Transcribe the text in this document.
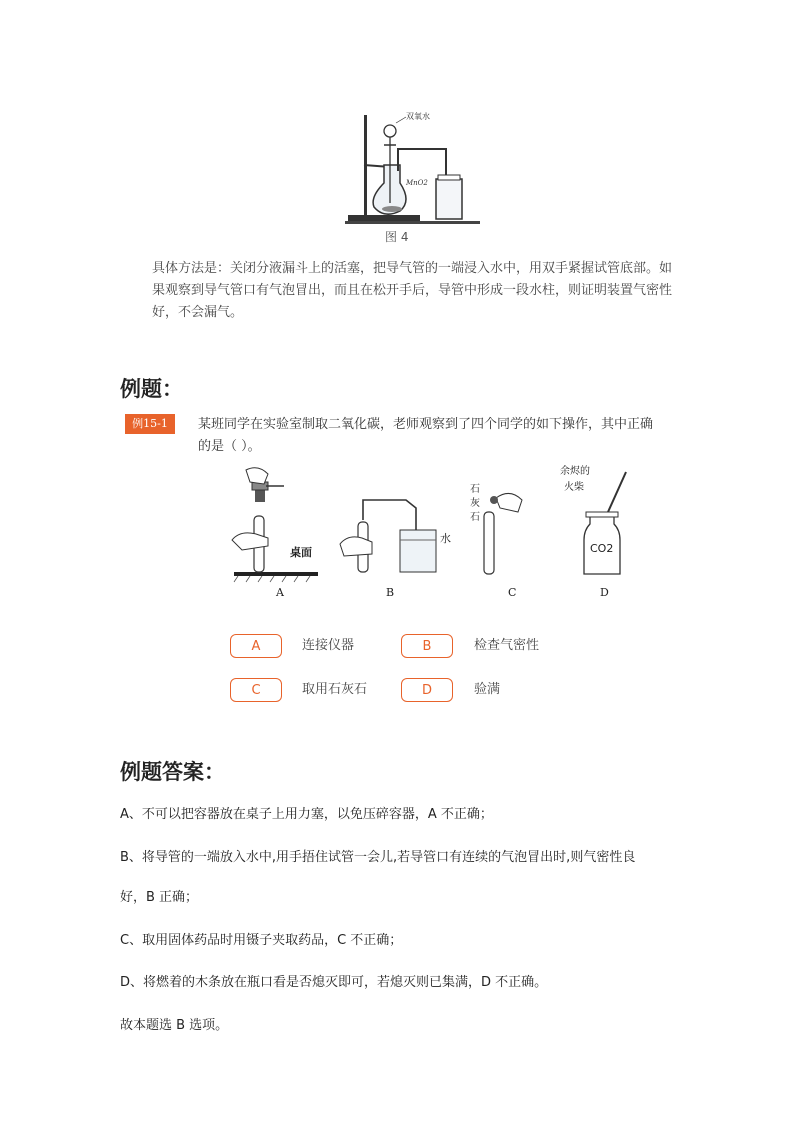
双氧水
MnO2
图 4
具体方法是：关闭分液漏斗上的活塞，把导气管的一端浸入水中，用双手紧握试管底部。如果观察到导气管口有气泡冒出，而且在松开手后，导管中形成一段水柱，则证明装置气密性好，不会漏气。
例题：
例15-1	某班同学在实验室制取二氧化碳，老师观察到了四个同学的如下操作，其中正确的是（ ）。
桌面
A
水
B
石 灰 石
C
CO2
余烬的 火柴
D
A	连接仪器	B	检查气密性
C	取用石灰石	D	验满
例题答案：
A、不可以把容器放在桌子上用力塞，以免压碎容器，A 不正确；
B、将导管的一端放入水中,用手捂住试管一会儿,若导管口有连续的气泡冒出时,则气密性良
好，B 正确；
C、取用固体药品时用镊子夹取药品，C 不正确；
D、将燃着的木条放在瓶口看是否熄灭即可，若熄灭则已集满，D 不正确。
故本题选 B 选项。
